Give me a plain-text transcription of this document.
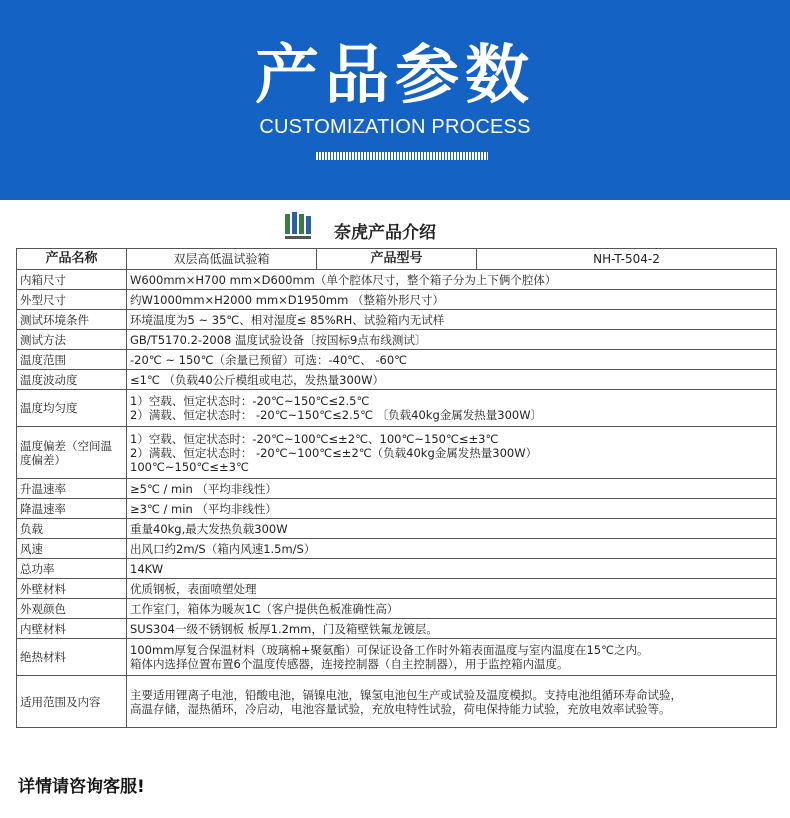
产品参数
CUSTOMIZATION PROCESS
奈虎产品介绍
产品名称	双层高低温试验箱	产品型号	NH-T-504-2
内箱尺寸	W600mm×H700 mm×D600mm（单个腔体尺寸，整个箱子分为上下俩个腔体）		
外型尺寸	约W1000mm×H2000 mm×D1950mm （整箱外形尺寸）		
测试环境条件	环境温度为5 ~ 35℃、相对湿度≤ 85%RH、试验箱内无试样		
测试方法	GB/T5170.2-2008 温度试验设备〔按国标9点布线测试〕		
温度范围	-20℃ ~ 150℃（余量已预留）可选：-40℃、 -60℃		
温度波动度	≤1℃ （负载40公斤模组或电芯，发热量300W）		
温度均匀度	1）空载、恒定状态时：-20℃~150℃≤2.5℃
2）满载、恒定状态时： -20℃~150℃≤2.5℃ 〔负载40kg金属发热量300W〕		
温度偏差（空间温度偏差）	1）空载、恒定状态时：-20℃~100℃≤±2℃、100℃~150℃≤±3℃
2）满载、恒定状态时： -20℃~100℃≤±2℃（负载40kg金属发热量300W）
100℃~150℃≤±3℃		
升温速率	≥5℃ / min （平均非线性）		
降温速率	≥3℃ / min （平均非线性）		
负载	重量40kg,最大发热负载300W		
风速	出风口约2m/S（箱内风速1.5m/S）		
总功率	14KW		
外壁材料	优质钢板，表面喷塑处理		
外观颜色	工作室门，箱体为暖灰1C（客户提供色板准确性高）		
内壁材料	SUS304一级不锈钢板 板厚1.2mm，门及箱壁铁氟龙镀层。		
绝热材料	100mm厚复合保温材料（玻璃棉+聚氨酯）可保证设备工作时外箱表面温度与室内温度在15℃之内。
箱体内选择位置布置6个温度传感器，连接控制器（自主控制器），用于监控箱内温度。		
适用范围及内容	主要适用锂离子电池，铅酸电池，镉镍电池，镍氢电池包生产或试验及温度模拟。支持电池组循环寿命试验，
高温存储，湿热循环，冷启动，电池容量试验，充放电特性试验，荷电保持能力试验，充放电效率试验等。		
详情请咨询客服!
